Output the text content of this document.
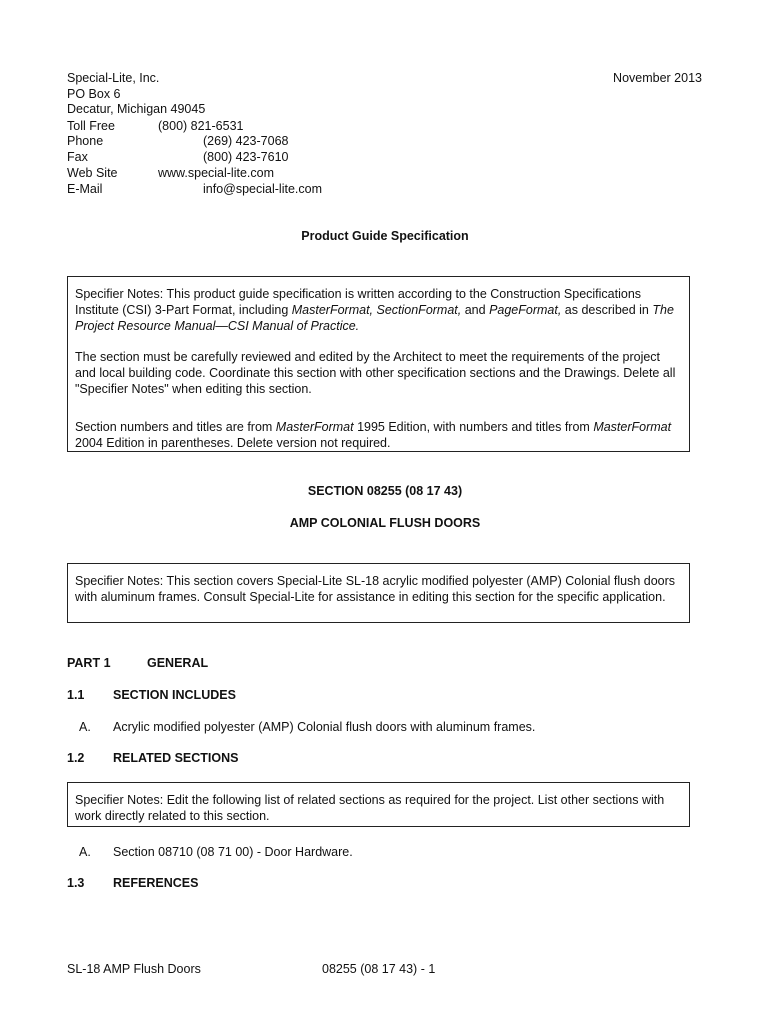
Special-Lite, Inc.
PO Box 6
Decatur, Michigan 49045
November 2013
Toll Free	(800) 821-6531
Phone	(269) 423-7068
Fax	(800) 423-7610
Web Site	www.special-lite.com
E-Mail	info@special-lite.com
Product Guide Specification

Specifier Notes: This product guide specification is written according to the Construction Specifications Institute (CSI) 3-Part Format, including MasterFormat, SectionFormat, and PageFormat, as described in The Project Resource Manual—CSI Manual of Practice.

The section must be carefully reviewed and edited by the Architect to meet the requirements of the project and local building code. Coordinate this section with other specification sections and the Drawings. Delete all "Specifier Notes" when editing this section.

Section numbers and titles are from MasterFormat 1995 Edition, with numbers and titles from MasterFormat 2004 Edition in parentheses. Delete version not required.

SECTION 08255 (08 17 43)
AMP COLONIAL FLUSH DOORS

Specifier Notes: This section covers Special-Lite SL-18 acrylic modified polyester (AMP) Colonial flush doors with aluminum frames. Consult Special-Lite for assistance in editing this section for the specific application.

PART 1	GENERAL
1.1 SECTION INCLUDES
A. Acrylic modified polyester (AMP) Colonial flush doors with aluminum frames.
1.2 RELATED SECTIONS

Specifier Notes: Edit the following list of related sections as required for the project. List other sections with work directly related to this section.

A. Section 08710 (08 71 00) - Door Hardware.
1.3 REFERENCES
SL-18 AMP Flush Doors	08255 (08 17 43) - 1
